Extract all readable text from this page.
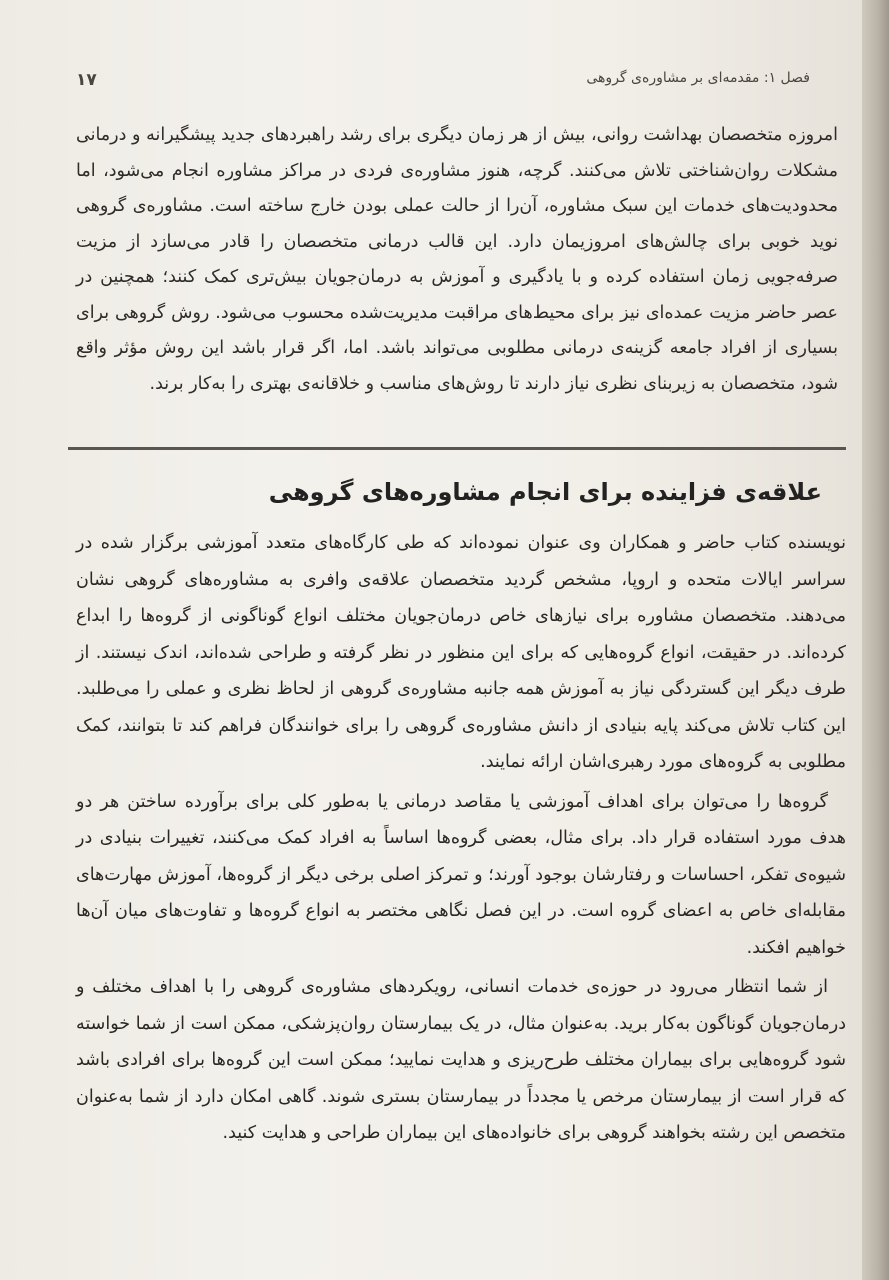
۱۷	فصل ۱: مقدمه‌ای بر مشاوره‌ی گروهی

امروزه متخصصان بهداشت روانی، بیش از هر زمان دیگری برای رشد راهبردهای جدید پیشگیرانه و درمانی مشکلات روان‌شناختی تلاش می‌کنند. گرچه، هنوز مشاوره‌ی فردی در مراکز مشاوره انجام می‌شود، اما محدودیت‌های خدمات این سبک مشاوره، آن‌را از حالت عملی بودن خارج ساخته است. مشاوره‌ی گروهی نوید خوبی برای چالش‌های امروزیمان دارد. این قالب درمانی متخصصان را قادر می‌سازد از مزیت صرفه‌جویی زمان استفاده کرده و با یادگیری و آموزش به درمان‌جویان بیش‌تری کمک کنند؛ همچنین در عصر حاضر مزیت عمده‌ای نیز برای محیط‌های مراقبت مدیریت‌شده محسوب می‌شود. روش گروهی برای بسیاری از افراد جامعه گزینه‌ی درمانی مطلوبی می‌تواند باشد. اما، اگر قرار باشد این روش مؤثر واقع شود، متخصصان به زیربنای نظری نیاز دارند تا روش‌های مناسب و خلاقانه‌ی بهتری را به‌کار برند.

علاقه‌ی فزاینده برای انجام مشاوره‌های گروهی

نویسنده کتاب حاضر و همکاران وی عنوان نموده‌اند که طی کارگاه‌های متعدد آموزشی برگزار شده در سراسر ایالات متحده و اروپا، مشخص گردید متخصصان علاقه‌ی وافری به مشاوره‌های گروهی نشان می‌دهند. متخصصان مشاوره برای نیازهای خاص درمان‌جویان مختلف انواع گوناگونی از گروه‌ها را ابداع کرده‌اند. در حقیقت، انواع گروه‌هایی که برای این منظور در نظر گرفته و طراحی شده‌اند، اندک نیستند. از طرف دیگر این گستردگی نیاز به آموزش همه جانبه مشاوره‌ی گروهی از لحاظ نظری و عملی را می‌طلبد. این کتاب تلاش می‌کند پایه بنیادی از دانش مشاوره‌ی گروهی را برای خوانندگان فراهم کند تا بتوانند، کمک مطلوبی به گروه‌های مورد رهبری‌اشان ارائه نمایند.

گروه‌ها را می‌توان برای اهداف آموزشی یا مقاصد درمانی یا به‌طور کلی برای برآورده ساختن هر دو هدف مورد استفاده قرار داد. برای مثال، بعضی گروه‌ها اساساً به افراد کمک می‌کنند، تغییرات بنیادی در شیوه‌ی تفکر، احساسات و رفتارشان بوجود آورند؛ و تمرکز اصلی برخی دیگر از گروه‌ها، آموزش مهارت‌های مقابله‌ای خاص به اعضای گروه است. در این فصل نگاهی مختصر به انواع گروه‌ها و تفاوت‌های میان آن‌ها خواهیم افکند.

از شما انتظار می‌رود در حوزه‌ی خدمات انسانی، رویکردهای مشاوره‌ی گروهی را با اهداف مختلف و درمان‌جویان گوناگون به‌کار برید. به‌عنوان مثال، در یک بیمارستان روان‌پزشکی، ممکن است از شما خواسته شود گروه‌هایی برای بیماران مختلف طرح‌ریزی و هدایت نمایید؛ ممکن است این گروه‌ها برای افرادی باشد که قرار است از بیمارستان مرخص یا مجدداً در بیمارستان بستری شوند. گاهی امکان دارد از شما به‌عنوان متخصص این رشته بخواهند گروهی برای خانواده‌های این بیماران طراحی و هدایت کنید.
